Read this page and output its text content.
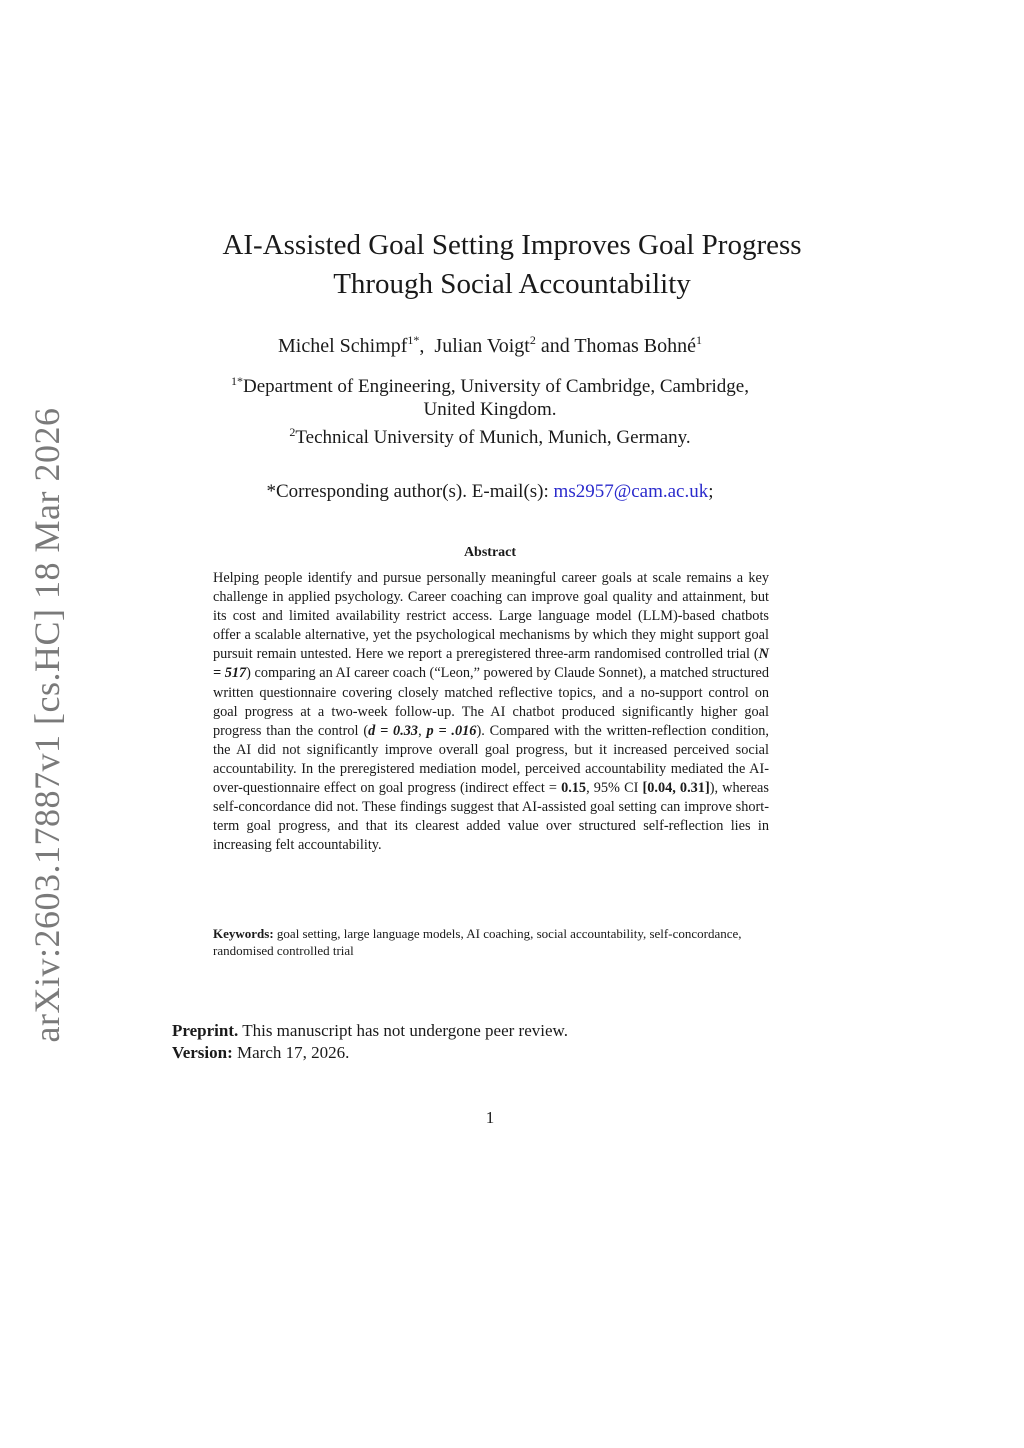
arXiv:2603.17887v1 [cs.HC] 18 Mar 2026
AI-Assisted Goal Setting Improves Goal Progress
Through Social Accountability
Michel Schimpf$^{1*}$,  Julian Voigt$^2$ and Thomas Bohné$^1$
$^{1*}$Department of Engineering, University of Cambridge, Cambridge,
United Kingdom.
$^2$Technical University of Munich, Munich, Germany.
*Corresponding author(s). E-mail(s): ms2957@cam.ac.uk;
Abstract
Helping people identify and pursue personally meaningful career goals at scale remains a key challenge in applied psychology. Career coaching can improve goal quality and attainment, but its cost and limited availability restrict access. Large language model (LLM)-based chatbots offer a scalable alternative, yet the psychological mechanisms by which they might support goal pursuit remain untested. Here we report a preregistered three-arm randomised controlled trial (N = 517) comparing an AI career coach (“Leon,” powered by Claude Sonnet), a matched structured written questionnaire covering closely matched reflective topics, and a no-support control on goal progress at a two-week follow-up. The AI chatbot produced significantly higher goal progress than the control (d = 0.33, p = .016). Compared with the written-reflection condition, the AI did not significantly improve overall goal progress, but it increased perceived social accountability. In the preregistered mediation model, perceived accountability mediated the AI-over-questionnaire effect on goal progress (indirect effect = 0.15, 95% CI [0.04, 0.31]), whereas self-concordance did not. These findings suggest that AI-assisted goal setting can improve short-term goal progress, and that its clearest added value over structured self-reflection lies in increasing felt accountability.
Keywords: goal setting, large language models, AI coaching, social accountability, self-concordance, randomised controlled trial
Preprint. This manuscript has not undergone peer review.
Version: March 17, 2026.
1
